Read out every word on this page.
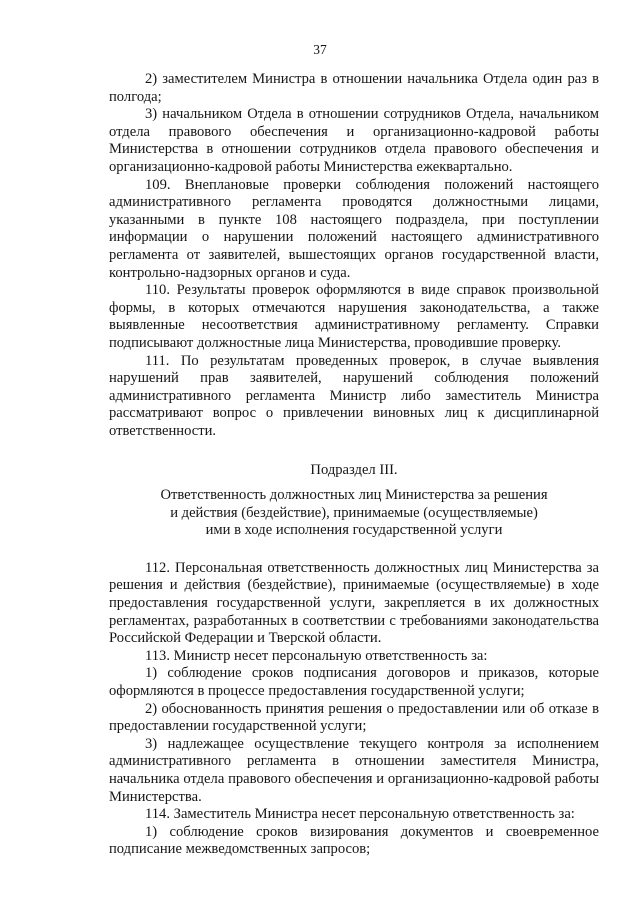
37

2) заместителем Министра в отношении начальника Отдела один раз в полгода;

3) начальником Отдела в отношении сотрудников Отдела, начальником отдела правового обеспечения и организационно-кадровой работы Министерства в отношении сотрудников отдела правового обеспечения и организационно-кадровой работы Министерства ежеквартально.

109. Внеплановые проверки соблюдения положений настоящего административного регламента проводятся должностными лицами, указанными в пункте 108 настоящего подраздела, при поступлении информации о нарушении положений настоящего административного регламента от заявителей, вышестоящих органов государственной власти, контрольно-надзорных органов и суда.

110. Результаты проверок оформляются в виде справок произвольной формы, в которых отмечаются нарушения законодательства, а также выявленные несоответствия административному регламенту. Справки подписывают должностные лица Министерства, проводившие проверку.

111. По результатам проведенных проверок, в случае выявления нарушений прав заявителей, нарушений соблюдения положений административного регламента Министр либо заместитель Министра рассматривают вопрос о привлечении виновных лиц к дисциплинарной ответственности.

Подраздел III.
Ответственность должностных лиц Министерства за решения
и действия (бездействие), принимаемые (осуществляемые)
ими в ходе исполнения государственной услуги

112. Персональная ответственность должностных лиц Министерства за решения и действия (бездействие), принимаемые (осуществляемые) в ходе предоставления государственной услуги, закрепляется в их должностных регламентах, разработанных в соответствии с требованиями законодательства Российской Федерации и Тверской области.

113. Министр несет персональную ответственность за:

1) соблюдение сроков подписания договоров и приказов, которые оформляются в процессе предоставления государственной услуги;

2) обоснованность принятия решения о предоставлении или об отказе в предоставлении государственной услуги;

3) надлежащее осуществление текущего контроля за исполнением административного регламента в отношении заместителя Министра, начальника отдела правового обеспечения и организационно-кадровой работы Министерства.

114. Заместитель Министра несет персональную ответственность за:

1) соблюдение сроков визирования документов и своевременное подписание межведомственных запросов;
